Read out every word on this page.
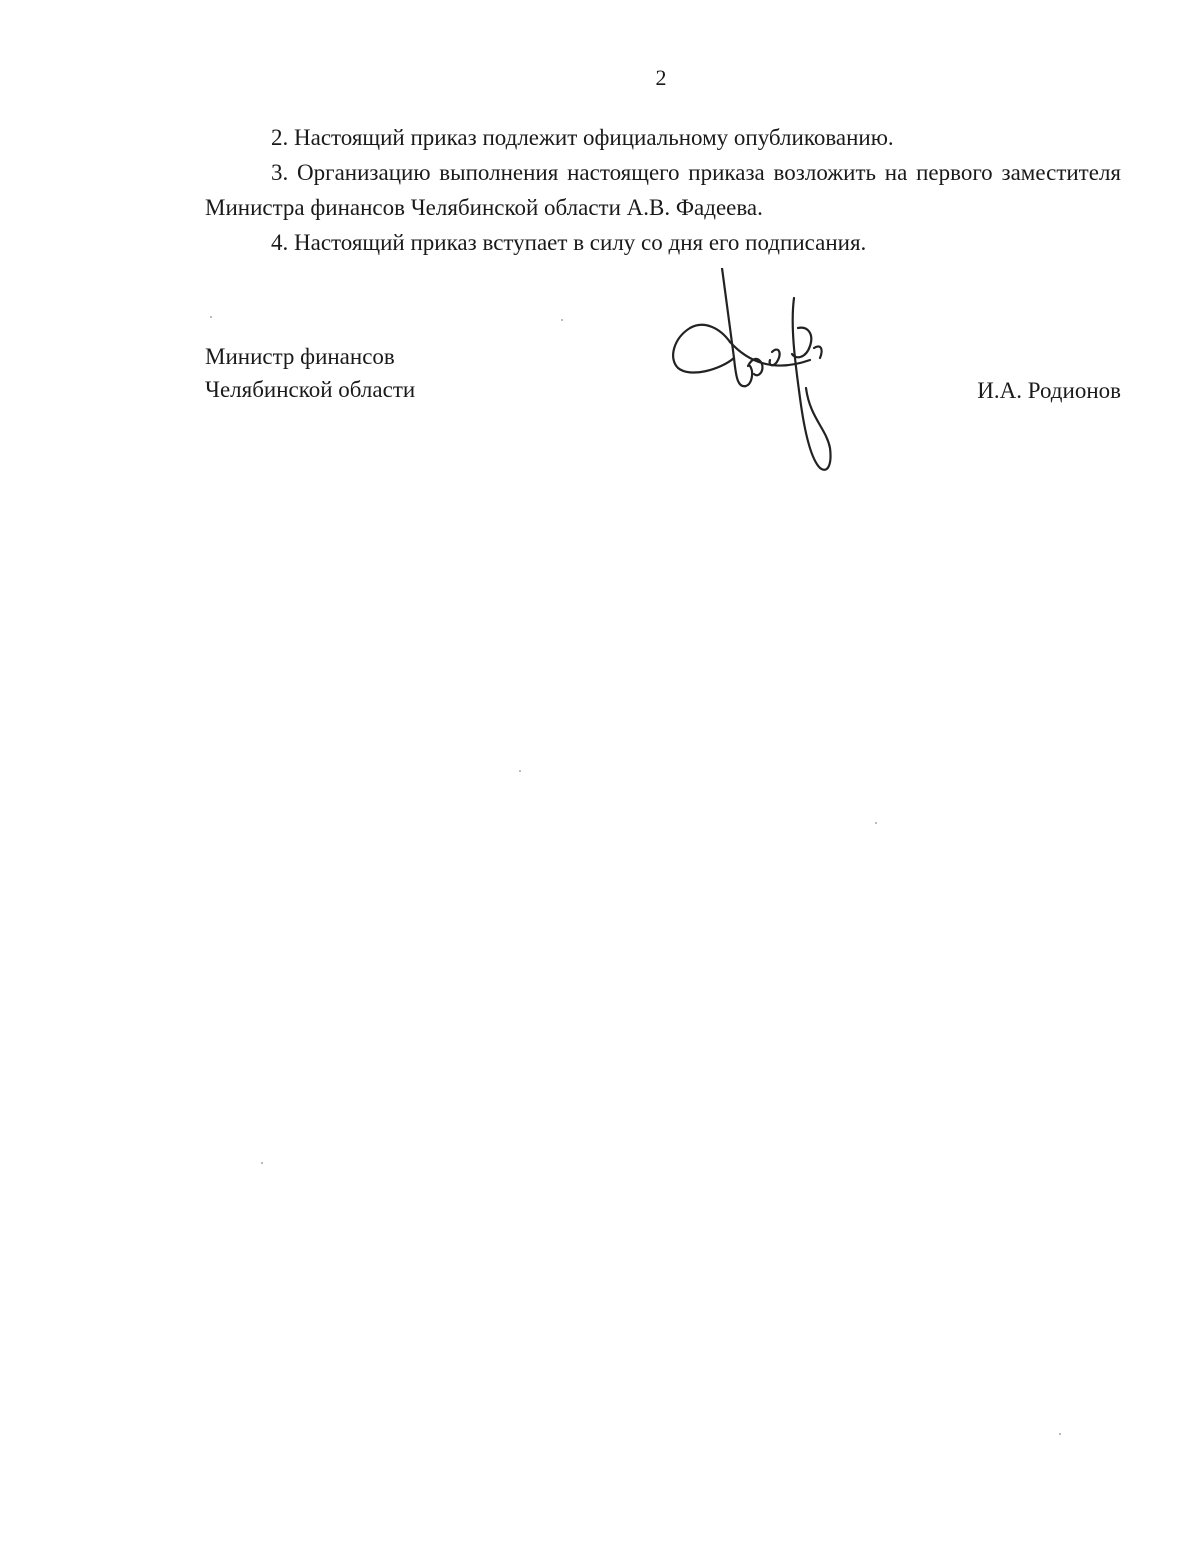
2

2. Настоящий приказ подлежит официальному опубликованию.

3. Организацию выполнения настоящего приказа возложить на первого заместителя Министра финансов Челябинской области А.В. Фадеева.

4. Настоящий приказ вступает в силу со дня его подписания.

Министр финансов
Челябинской области	И.А. Родионов
